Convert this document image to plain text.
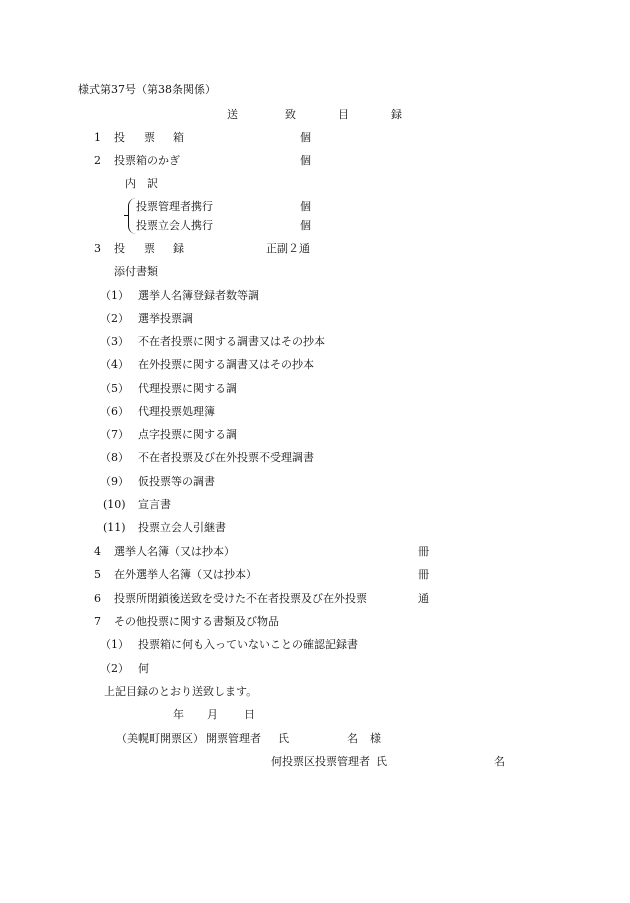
様式第37号（第38条関係）
送	致	目	録
1 投 票 箱	個
2 投票箱のかぎ	個
内 訳
投票管理者携行	個
投票立会人携行	個
3 投 票 録	正副２通
添付書類
（1） 選挙人名簿登録者数等調
（2） 選挙投票調
（3） 不在者投票に関する調書又はその抄本
（4） 在外投票に関する調書又はその抄本
（5） 代理投票に関する調
（6） 代理投票処理簿
（7） 点字投票に関する調
（8） 不在者投票及び在外投票不受理調書
（9） 仮投票等の調書
(10) 宣言書
(11) 投票立会人引継書
4 選挙人名簿（又は抄本）	冊
5 在外選挙人名簿（又は抄本）	冊
6 投票所閉鎖後送致を受けた不在者投票及び在外投票	通
7 その他投票に関する書類及び物品
（1） 投票箱に何も入っていないことの確認記録書
（2） 何
上記目録のとおり送致します。
年 月 日
（美幌町開票区） 開票管理者 氏	名 様
何投票区投票管理者 氏	名
